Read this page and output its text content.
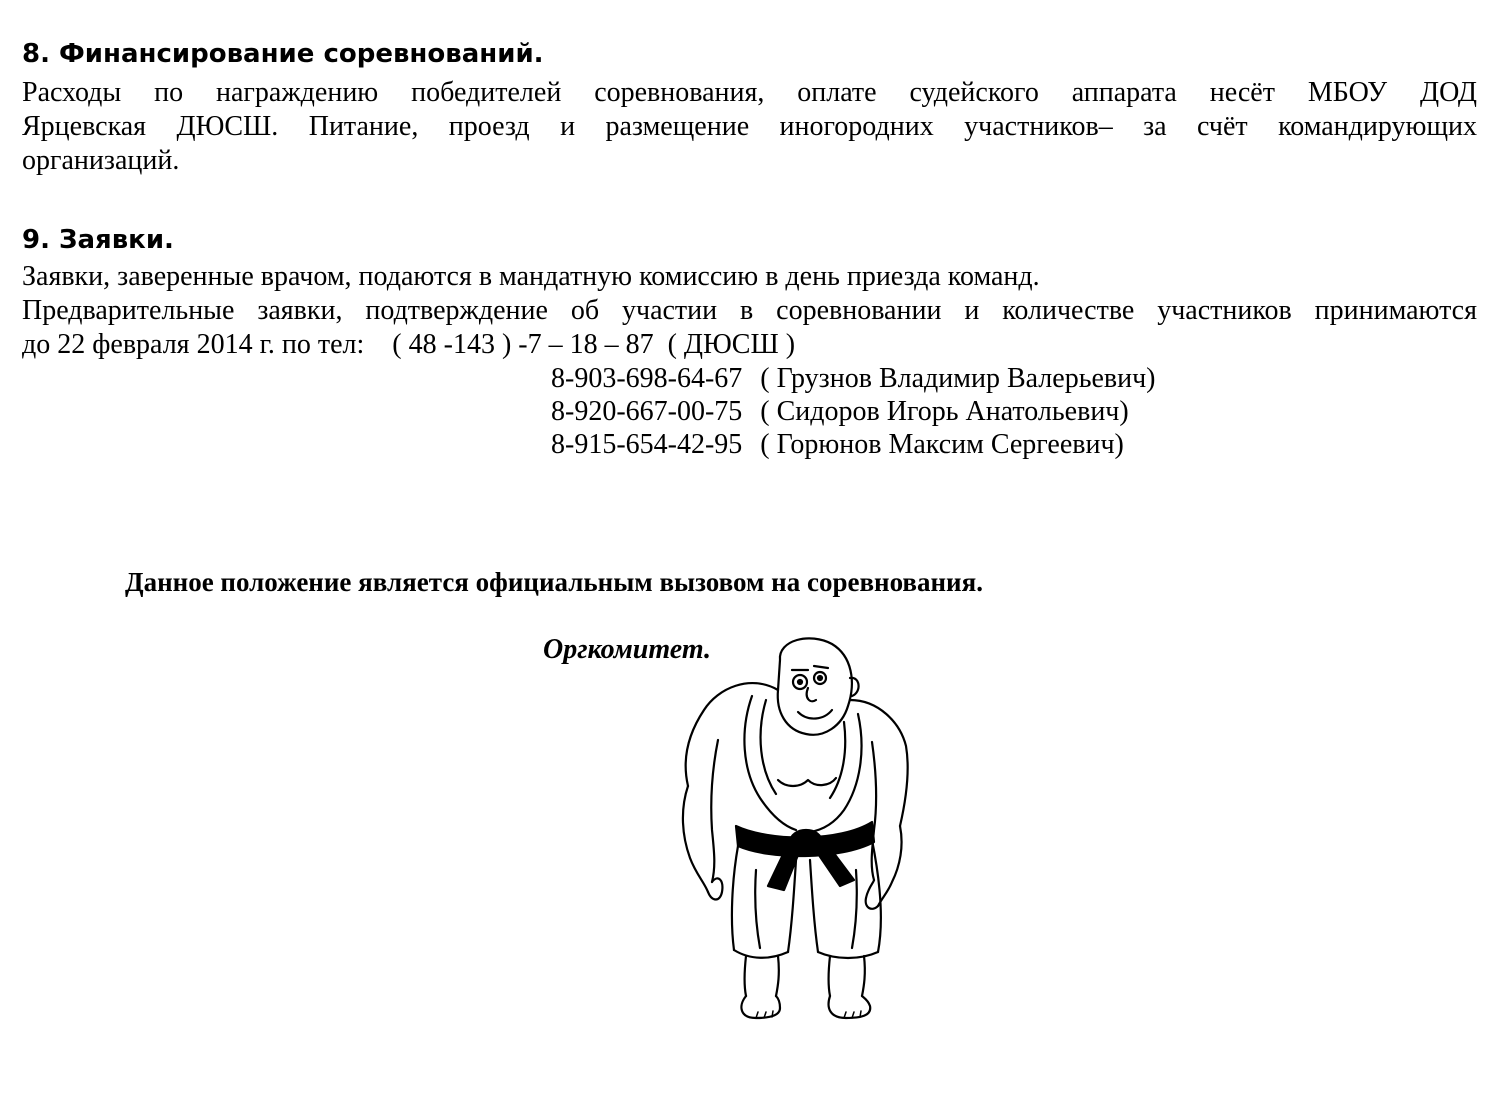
8. Финансирование соревнований.
Расходы по награждению победителей соревнования, оплате судейского аппарата несёт МБОУ ДОД
Ярцевская ДЮСШ. Питание, проезд и размещение иногородних участников– за счёт командирующих
организаций.
9. Заявки.
Заявки, заверенные врачом, подаются в мандатную комиссию в день приезда команд.
Предварительные заявки, подтверждение об участии в соревновании и количестве участников принимаются
до 22 февраля 2014 г. по тел:    ( 48 -143 ) -7 – 18 – 87  ( ДЮСШ )
8-903-698-64-67 ( Грузнов Владимир Валерьевич)
8-920-667-00-75 ( Сидоров Игорь Анатольевич)
8-915-654-42-95 ( Горюнов Максим Сергеевич)

Данное положение является официальным вызовом на соревнования.

Оргкомитет.
